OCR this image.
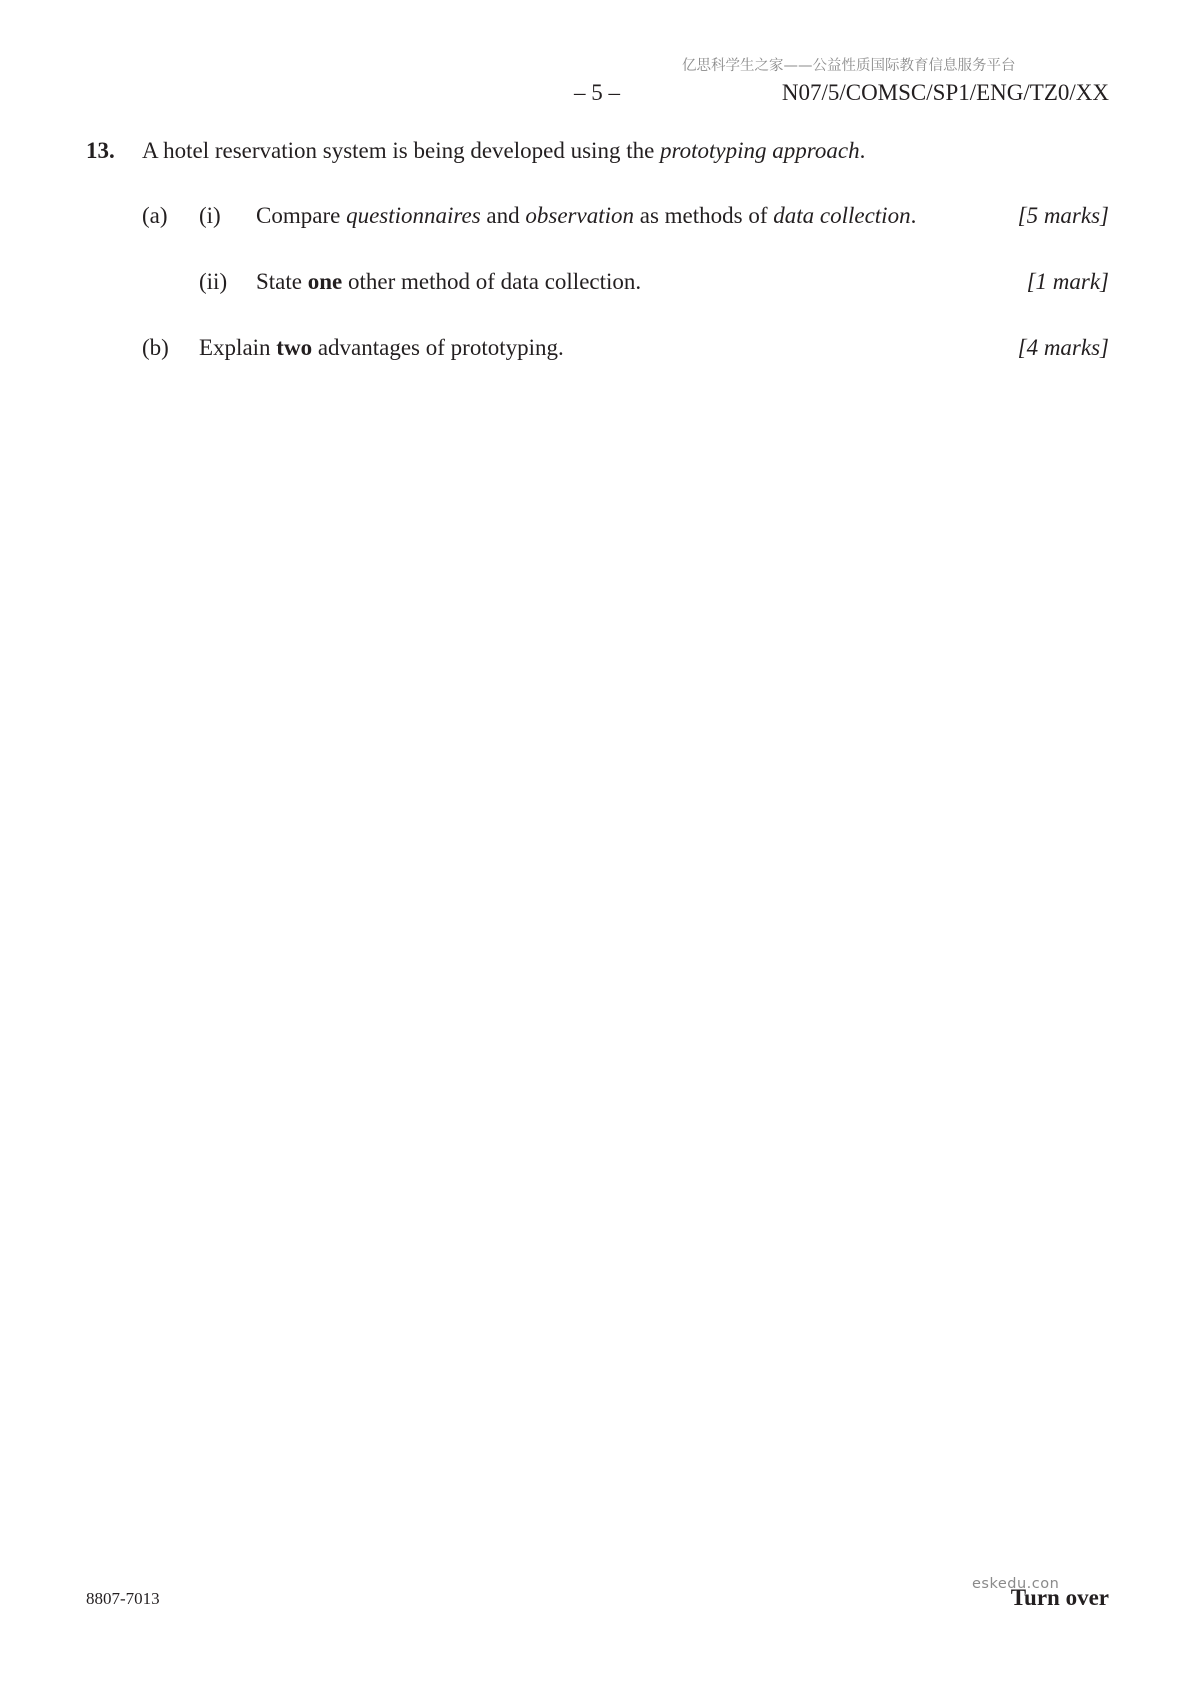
亿思科学生之家——公益性质国际教育信息服务平台
– 5 –	N07/5/COMSC/SP1/ENG/TZ0/XX
13. A hotel reservation system is being developed using the prototyping approach.
(a) (i) Compare questionnaires and observation as methods of data collection.	[5 marks]
(ii) State one other method of data collection.	[1 mark]
(b) Explain two advantages of prototyping.	[4 marks]
8807-7013	Turn over
eskedu.con
